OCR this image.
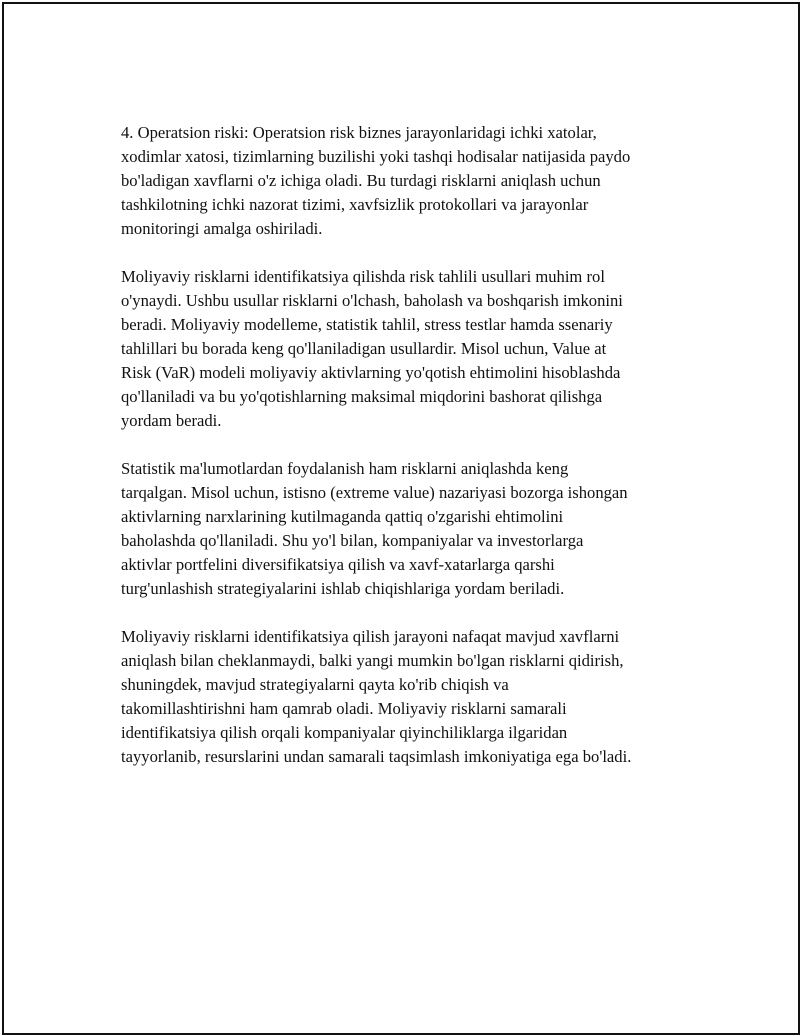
4. Operatsion riski: Operatsion risk biznes jarayonlaridagi ichki xatolar,
xodimlar xatosi, tizimlarning buzilishi yoki tashqi hodisalar natijasida paydo
bo'ladigan xavflarni o'z ichiga oladi. Bu turdagi risklarni aniqlash uchun
tashkilotning ichki nazorat tizimi, xavfsizlik protokollari va jarayonlar
monitoringi amalga oshiriladi.

Moliyaviy risklarni identifikatsiya qilishda risk tahlili usullari muhim rol
o'ynaydi. Ushbu usullar risklarni o'lchash, baholash va boshqarish imkonini
beradi. Moliyaviy modelleme, statistik tahlil, stress testlar hamda ssenariy
tahlillari bu borada keng qo'llaniladigan usullardir. Misol uchun, Value at
Risk (VaR) modeli moliyaviy aktivlarning yo'qotish ehtimolini hisoblashda
qo'llaniladi va bu yo'qotishlarning maksimal miqdorini bashorat qilishga
yordam beradi.

Statistik ma'lumotlardan foydalanish ham risklarni aniqlashda keng
tarqalgan. Misol uchun, istisno (extreme value) nazariyasi bozorga ishongan
aktivlarning narxlarining kutilmaganda qattiq o'zgarishi ehtimolini
baholashda qo'llaniladi. Shu yo'l bilan, kompaniyalar va investorlarga
aktivlar portfelini diversifikatsiya qilish va xavf-xatarlarga qarshi
turg'unlashish strategiyalarini ishlab chiqishlariga yordam beriladi.

Moliyaviy risklarni identifikatsiya qilish jarayoni nafaqat mavjud xavflarni
aniqlash bilan cheklanmaydi, balki yangi mumkin bo'lgan risklarni qidirish,
shuningdek, mavjud strategiyalarni qayta ko'rib chiqish va
takomillashtirishni ham qamrab oladi. Moliyaviy risklarni samarali
identifikatsiya qilish orqali kompaniyalar qiyinchiliklarga ilgaridan
tayyorlanib, resurslarini undan samarali taqsimlash imkoniyatiga ega bo'ladi.
